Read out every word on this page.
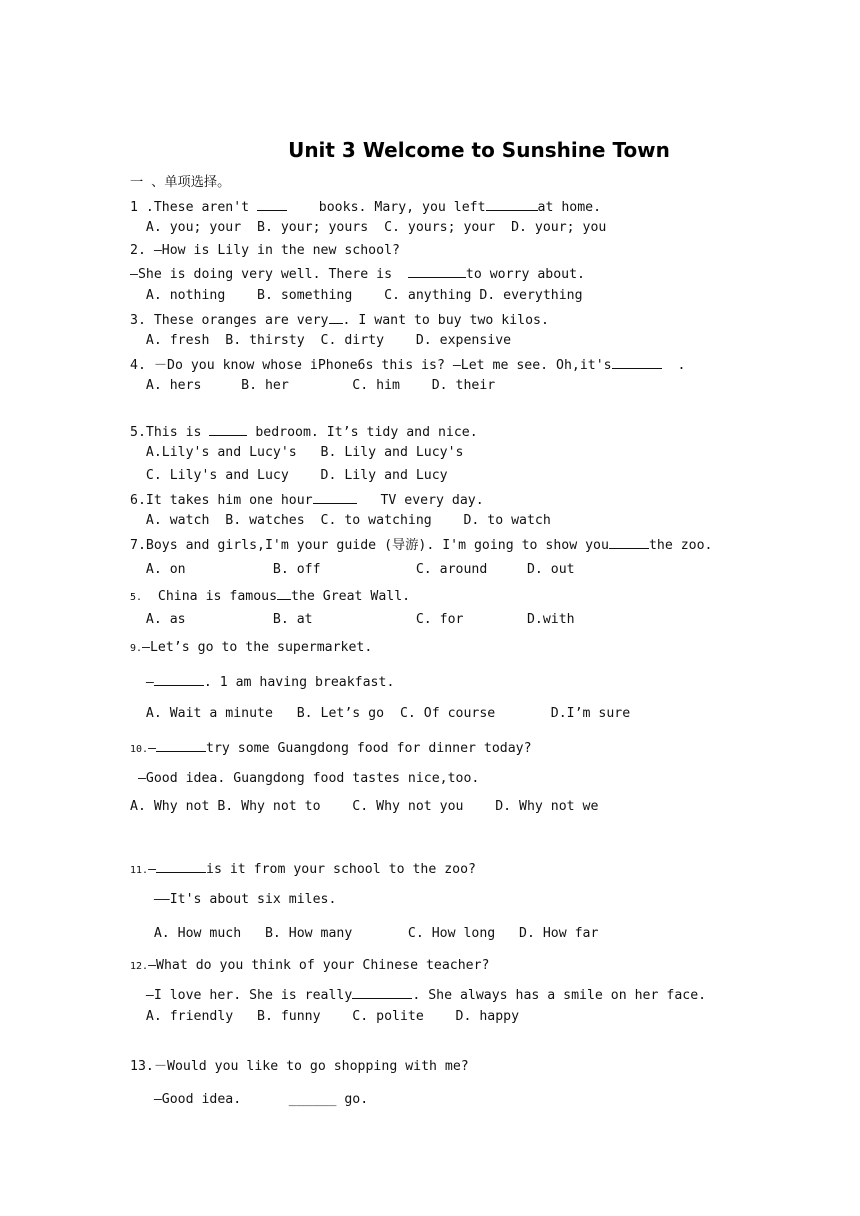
Unit 3 Welcome to Sunshine Town
一 、单项选择。
1 .These aren't     books. Mary, you left	at home.
A. you; your  B. your; yours  C. yours; your  D. your; you
2. —How is Lily in the new school?
—She is doing very well. There is	to worry about.
A. nothing    B. something    C. anything D. everything
3. These oranges are very . I want to buy two kilos.
A. fresh  B. thirsty  C. dirty    D. expensive
4. －Do you know whose iPhone6s this is? —Let me see. Oh,it's	.
A. hers     B. her        C. him    D. their
5.This is	bedroom. It’s tidy and nice.
A.Lily's and Lucy's   B. Lily and Lucy's
C. Lily's and Lucy    D. Lily and Lucy
6.It takes him one hour	TV every day.
A. watch  B. watches  C. to watching    D. to watch
7.Boys and girls,I'm your guide (导游). I'm going to show you	the zoo.
A. on           B. off            C. around     D. out
5.  China is famous the Great Wall.
A. as           B. at             C. for        D.with
9.—Let’s go to the supermarket.
—	. 1 am having breakfast.
A. Wait a minute   B. Let’s go  C. Of course       D.I’m sure
10.—	try some Guangdong food for dinner today?
—Good idea. Guangdong food tastes nice,too.
A. Why not B. Why not to    C. Why not you    D. Why not we
11.—	is it from your school to the zoo?
——It's about six miles.
A. How much   B. How many       C. How long   D. How far
12.—What do you think of your Chinese teacher?
—I love her. She is really	. She always has a smile on her face.
A. friendly   B. funny    C. polite    D. happy
13.－Would you like to go shopping with me?
—Good idea.      ______ go.
